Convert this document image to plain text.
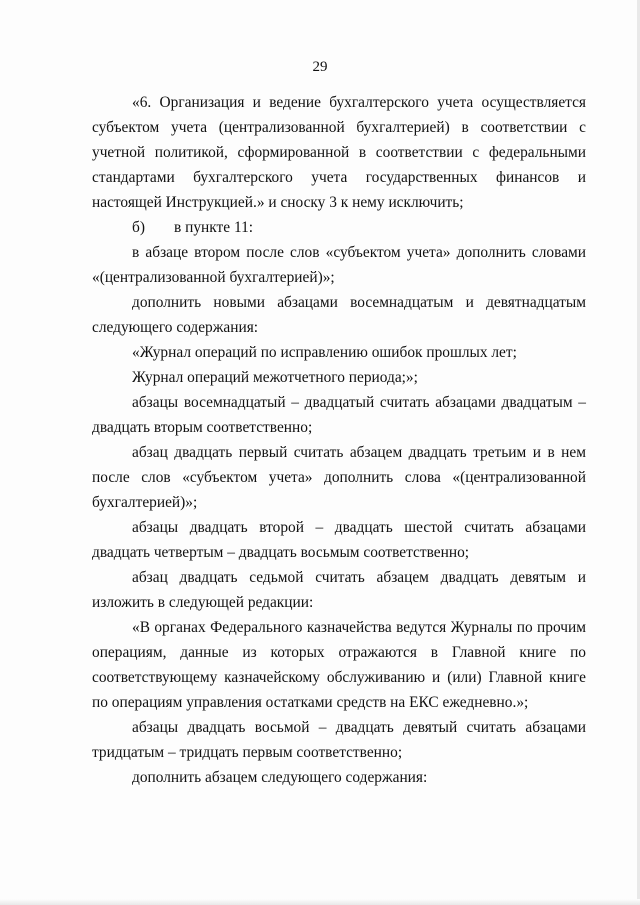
29

«6. Организация и ведение бухгалтерского учета осуществляется субъектом учета (централизованной бухгалтерией) в соответствии с учетной политикой, сформированной в соответствии с федеральными стандартами бухгалтерского учета государственных финансов и настоящей Инструкцией.» и сноску 3 к нему исключить;

б) в пункте 11:

в абзаце втором после слов «субъектом учета» дополнить словами «(централизованной бухгалтерией)»;

дополнить новыми абзацами восемнадцатым и девятнадцатым следующего содержания:

«Журнал операций по исправлению ошибок прошлых лет;

Журнал операций межотчетного периода;»;

абзацы восемнадцатый – двадцатый считать абзацами двадцатым – двадцать вторым соответственно;

абзац двадцать первый считать абзацем двадцать третьим и в нем после слов «субъектом учета» дополнить слова «(централизованной бухгалтерией)»;

абзацы двадцать второй – двадцать шестой считать абзацами двадцать четвертым – двадцать восьмым соответственно;

абзац двадцать седьмой считать абзацем двадцать девятым и изложить в следующей редакции:

«В органах Федерального казначейства ведутся Журналы по прочим операциям, данные из которых отражаются в Главной книге по соответствующему казначейскому обслуживанию и (или) Главной книге по операциям управления остатками средств на ЕКС ежедневно.»;

абзацы двадцать восьмой – двадцать девятый считать абзацами тридцатым – тридцать первым соответственно;

дополнить абзацем следующего содержания:
